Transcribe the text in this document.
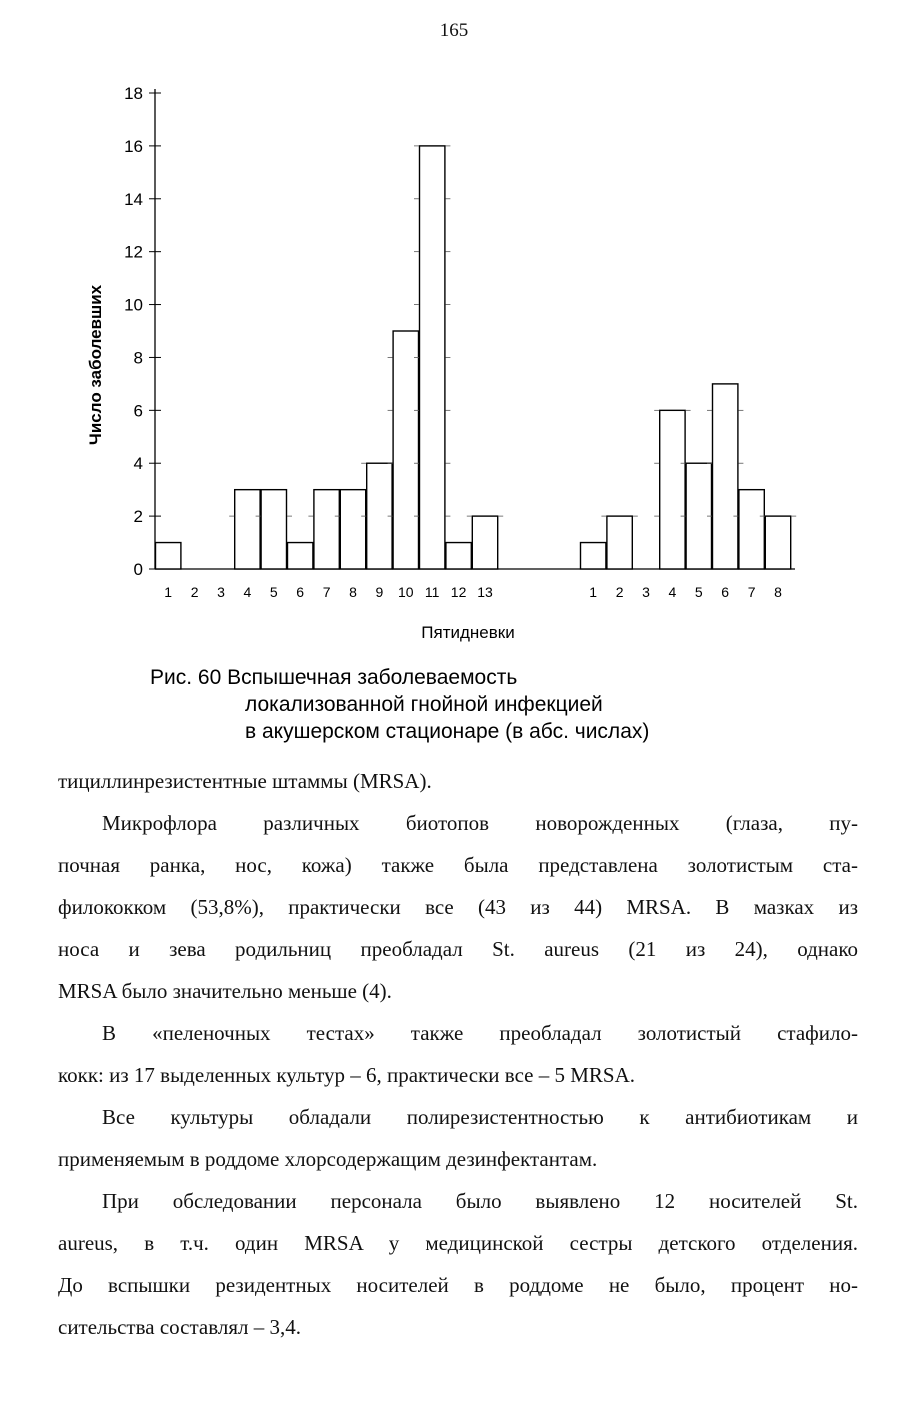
165
1 2 3 4 5 6 7 8 9 10 11 12 13	1 2 3 4 5 6 7 8
0
2
4
6
8
10
12
14
16
18
Число заболевших
Пятидневки
Рис. 60 Вспышечная заболеваемость
локализованной гнойной инфекцией
в акушерском стационаре (в абс. числах)

тициллинрезистентные штаммы (MRSA).

Микрофлора различных биотопов новорожденных (глаза, пу-
почная ранка, нос, кожа) также была представлена золотистым ста-
филококком (53,8%), практически все (43 из 44) MRSA. В мазках из
носа и зева родильниц преобладал St. aureus (21 из 24), однако
MRSA было значительно меньше (4).

В «пеленочных тестах» также преобладал золотистый стафило-
кокк: из 17 выделенных культур – 6, практически все – 5 MRSA.

Все культуры обладали полирезистентностью к антибиотикам и
применяемым в роддоме хлорсодержащим дезинфектантам.

При обследовании персонала было выявлено 12 носителей St.
aureus, в т.ч. один MRSA у медицинской сестры детского отделения.
До вспышки резидентных носителей в роддоме не было, процент но-
сительства составлял – 3,4.
